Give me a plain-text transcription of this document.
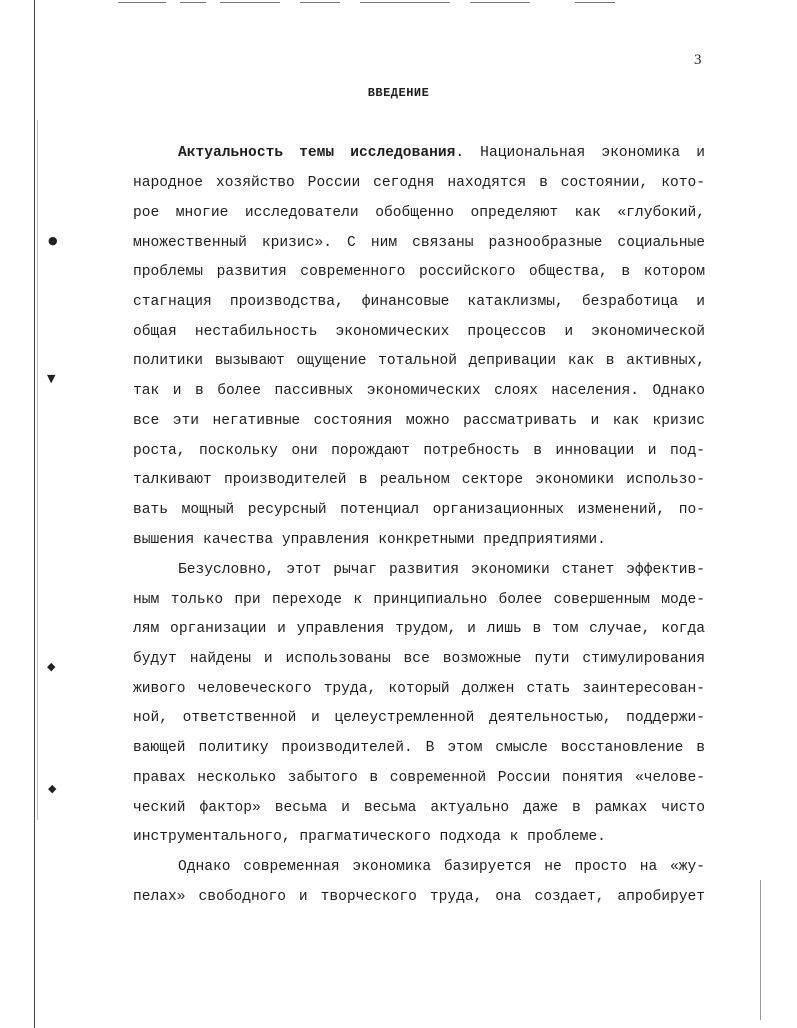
●
▼
◆
◆
3
ВВЕДЕНИЕ
Актуальность темы исследования. Национальная экономика и
народное хозяйство России сегодня находятся в состоянии, кото-
рое многие исследователи обобщенно определяют как «глубокий,
множественный кризис». С ним связаны разнообразные социальные
проблемы развития современного российского общества, в котором
стагнация производства, финансовые катаклизмы, безработица и
общая нестабильность экономических процессов и экономической
политики вызывают ощущение тотальной депривации как в активных,
так и в более пассивных экономических слоях населения. Однако
все эти негативные состояния можно рассматривать и как кризис
роста, поскольку они порождают потребность в инновации и под-
талкивают производителей в реальном секторе экономики использо-
вать мощный ресурсный потенциал организационных изменений, по-
вышения качества управления конкретными предприятиями.
Безусловно, этот рычаг развития экономики станет эффектив-
ным только при переходе к принципиально более совершенным моде-
лям организации и управления трудом, и лишь в том случае, когда
будут найдены и использованы все возможные пути стимулирования
живого человеческого труда, который должен стать заинтересован-
ной, ответственной и целеустремленной деятельностью, поддержи-
вающей политику производителей. В этом смысле восстановление в
правах несколько забытого в современной России понятия «челове-
ческий фактор» весьма и весьма актуально даже в рамках чисто
инструментального, прагматического подхода к проблеме.
Однако современная экономика базируется не просто на «жу-
пелах» свободного и творческого труда, она создает, апробирует
